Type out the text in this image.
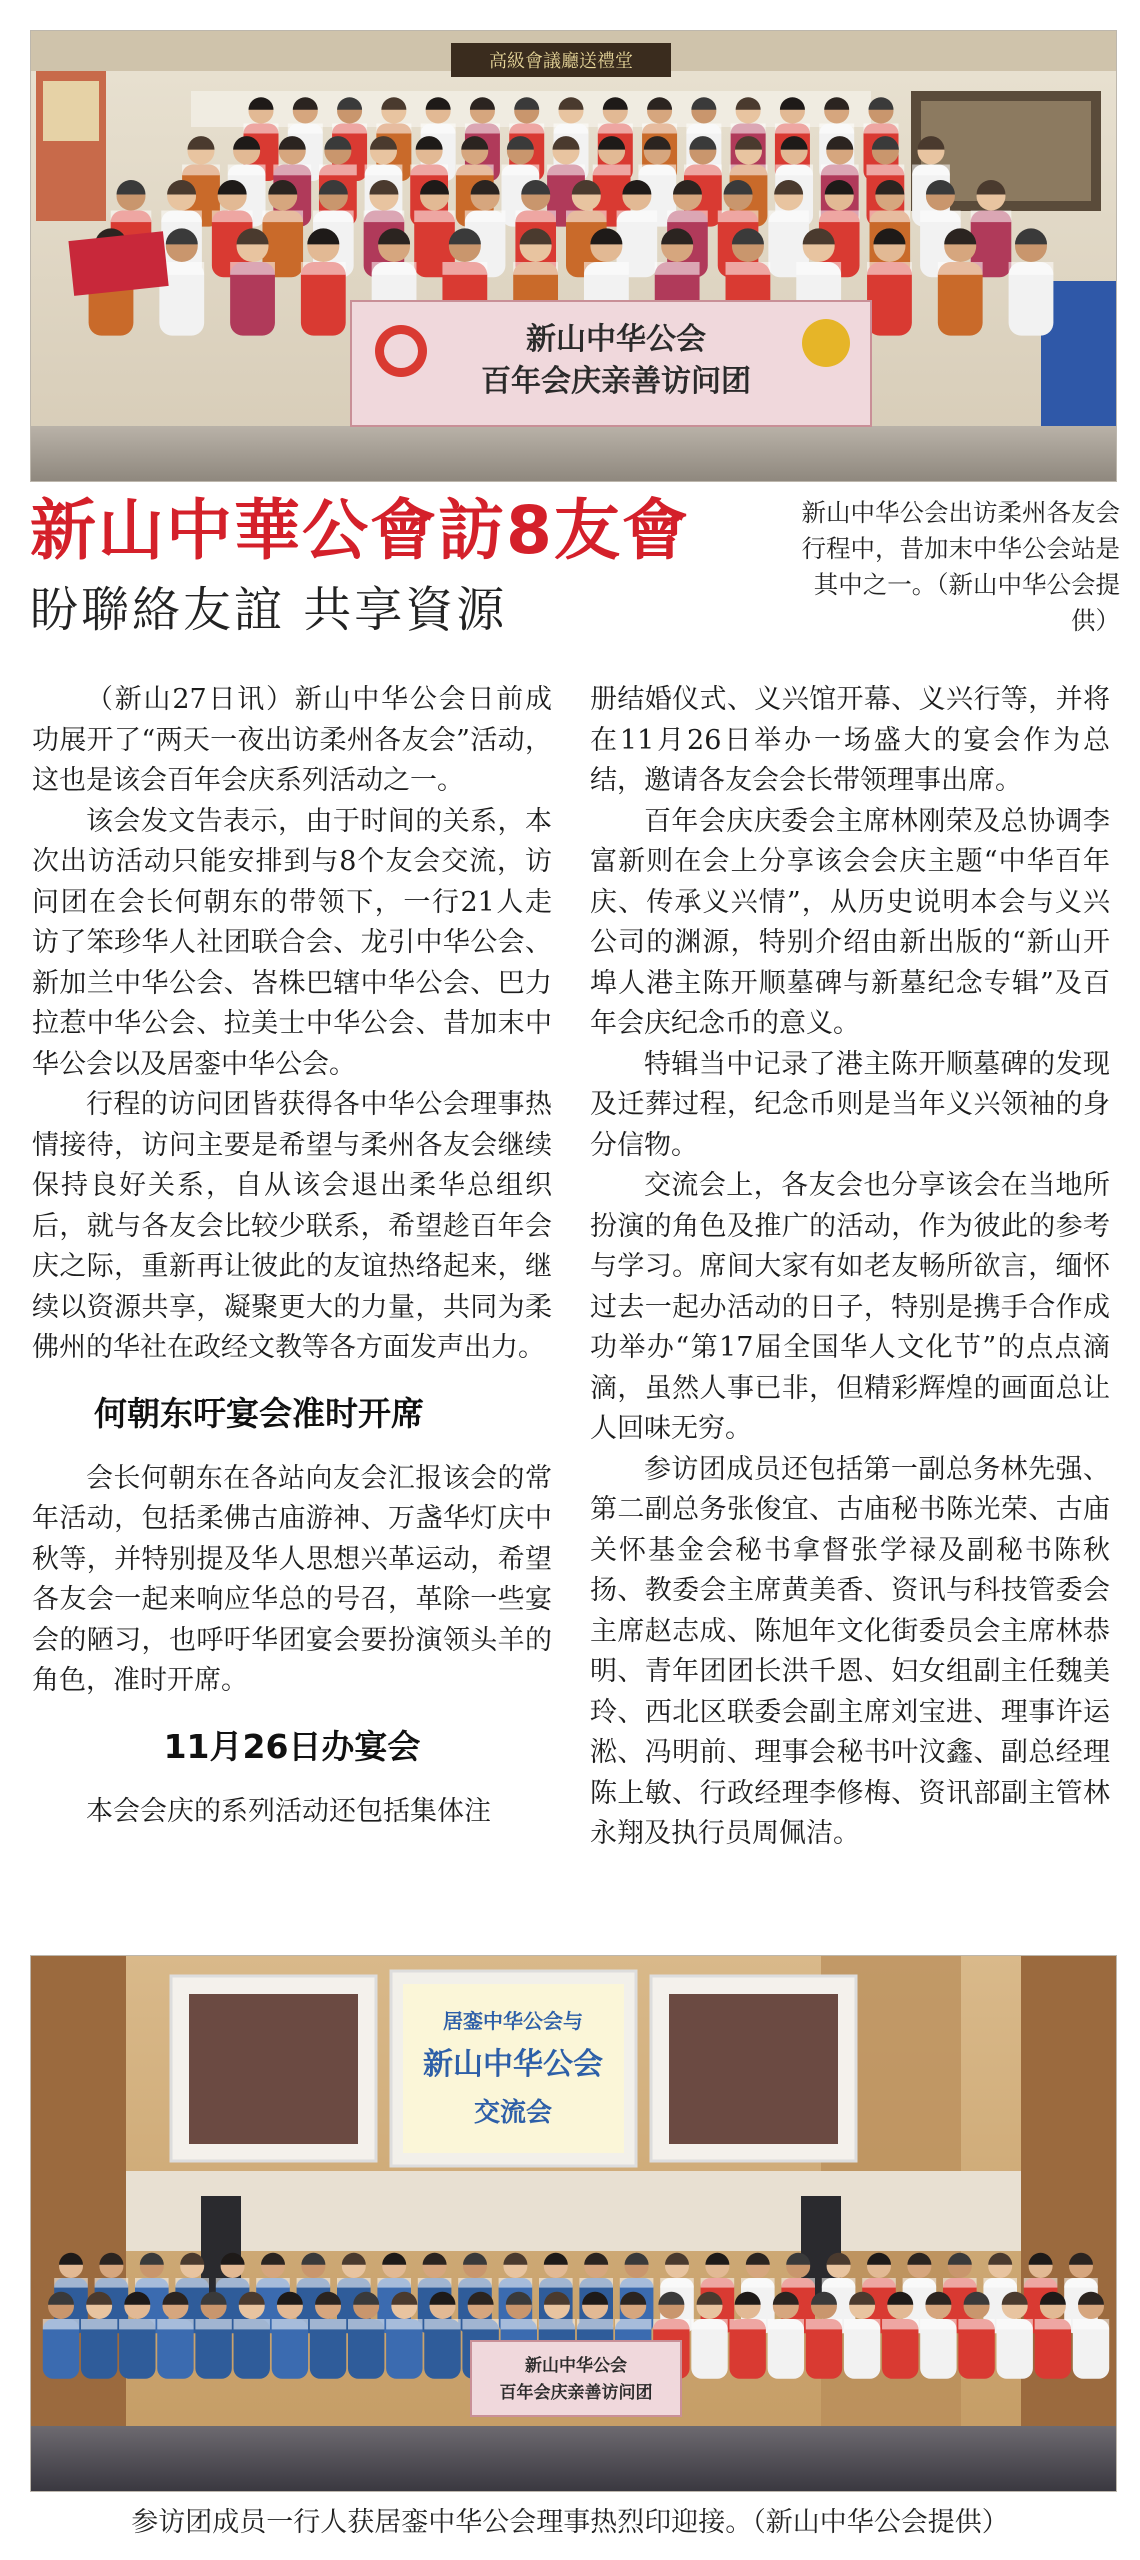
高級會議廳送禮堂
新山中华公会
百年会庆亲善访问团
新山中華公會訪8友會
盼聯絡友誼 共享資源
新山中华公会出访柔州各友会行程中，昔加末中华公会站是其中之一。（新山中华公会提供）

（新山27日讯）新山中华公会日前成功展开了“两天一夜出访柔州各友会”活动，这也是该会百年会庆系列活动之一。

该会发文告表示，由于时间的关系，本次出访活动只能安排到与8个友会交流，访问团在会长何朝东的带领下，一行21人走访了笨珍华人社团联合会、龙引中华公会、新加兰中华公会、峇株巴辖中华公会、巴力拉惹中华公会、拉美士中华公会、昔加末中华公会以及居銮中华公会。

行程的访问团皆获得各中华公会理事热情接待，访问主要是希望与柔州各友会继续保持良好关系，自从该会退出柔华总组织后，就与各友会比较少联系，希望趁百年会庆之际，重新再让彼此的友谊热络起来，继续以资源共享，凝聚更大的力量，共同为柔佛州的华社在政经文教等各方面发声出力。

何朝东吁宴会准时开席

会长何朝东在各站向友会汇报该会的常年活动，包括柔佛古庙游神、万盏华灯庆中秋等，并特别提及华人思想兴革运动，希望各友会一起来响应华总的号召，革除一些宴会的陋习，也呼吁华团宴会要扮演领头羊的角色，准时开席。

11月26日办宴会

本会会庆的系列活动还包括集体注

册结婚仪式、义兴馆开幕、义兴行等，并将在11月26日举办一场盛大的宴会作为总结，邀请各友会会长带领理事出席。

百年会庆庆委会主席林刚荣及总协调李富新则在会上分享该会会庆主题“中华百年庆、传承义兴情”，从历史说明本会与义兴公司的渊源，特别介绍由新出版的“新山开埠人港主陈开顺墓碑与新墓纪念专辑”及百年会庆纪念币的意义。

特辑当中记录了港主陈开顺墓碑的发现及迁葬过程，纪念币则是当年义兴领袖的身分信物。

交流会上，各友会也分享该会在当地所扮演的角色及推广的活动，作为彼此的参考与学习。席间大家有如老友畅所欲言，缅怀过去一起办活动的日子，特别是携手合作成功举办“第17届全国华人文化节”的点点滴滴，虽然人事已非，但精彩辉煌的画面总让人回味无穷。

参访团成员还包括第一副总务林先强、第二副总务张俊宜、古庙秘书陈光荣、古庙关怀基金会秘书拿督张学禄及副秘书陈秋扬、教委会主席黄美香、资讯与科技管委会主席赵志成、陈旭年文化街委员会主席林恭明、青年团团长洪千恩、妇女组副主任魏美玲、西北区联委会副主席刘宝进、理事许运淞、冯明前、理事会秘书叶汶鑫、副总经理陈上敏、行政经理李修梅、资讯部副主管林永翔及执行员周佩洁。

居銮中华公会与
新山中华公会
交流会
新山中华公会
百年会庆亲善访问团
参访团成员一行人获居銮中华公会理事热烈印迎接。（新山中华公会提供）
